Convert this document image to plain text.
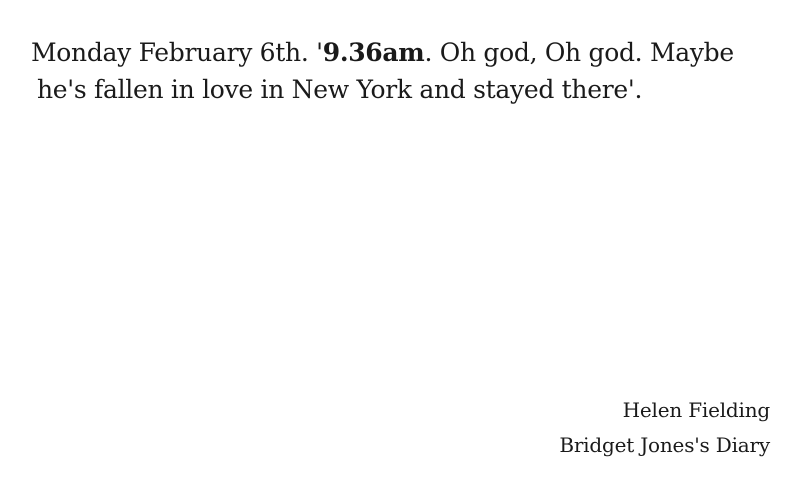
Monday February 6th. '9.36am. Oh god, Oh god. Maybe
he's fallen in love in New York and stayed there'.

Helen Fielding
Bridget Jones's Diary
